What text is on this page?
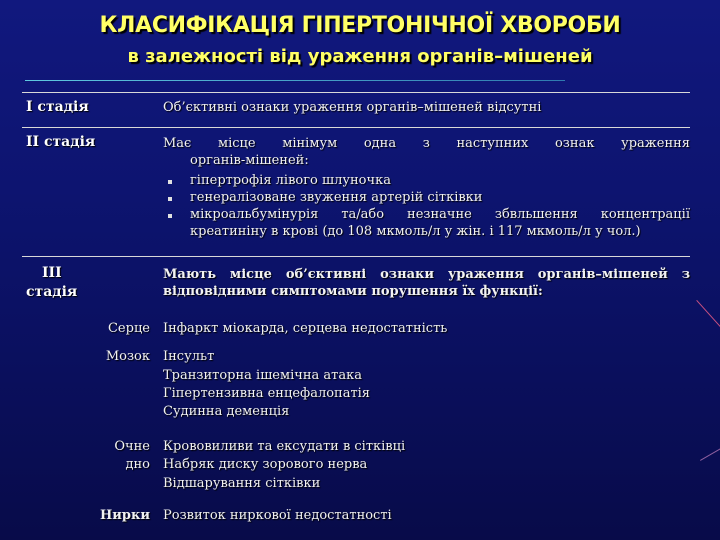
КЛАСИФІКАЦІЯ ГІПЕРТОНІЧНОЇ ХВОРОБИ
в залежності від ураження органів–мішеней
І стадія	Об’єктивні ознаки ураження органів–мішеней відсутні
ІІ стадія	Має місце мінімум одна з наступних ознак ураження
органів-мішеней:
гіпертрофія лівого шлуночка
генералізоване звуження артерій сітківки
мікроальбумінурія та/або незначне збвльшення концентрації
креатиніну в крові (до 108 мкмоль/л у жін. і 117 мкмоль/л у чол.)
ІІІ
стадія
Мають місце об’єктивні ознаки ураження органів–мішеней з
відповідними симптомами порушення їх функції:
Серце Інфаркт міокарда, серцева недостатність
Мозок Інсульт
Транзиторна ішемічна атака
Гіпертензивна енцефалопатія
Судинна деменція
Очне
дно
Крововиливи та ексудати в сітківці
Набряк диску зорового нерва
Відшарування сітківки
Нирки Розвиток ниркової недостатності
